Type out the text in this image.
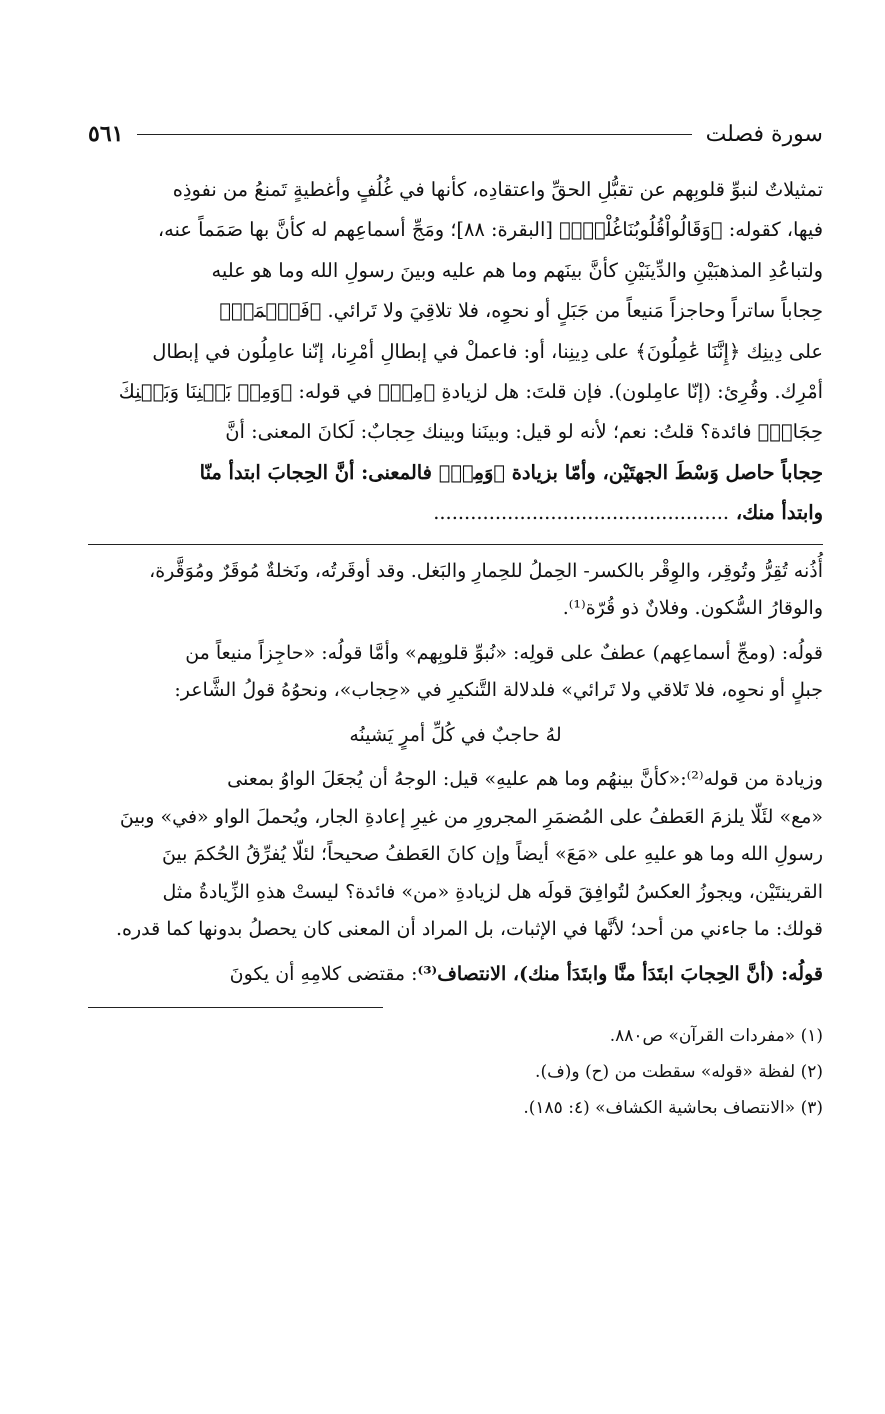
سورة فصلت
٥٦١

تمثيلاتٌ لنبوِّ قلوبِهم عن تقبُّلِ الحقِّ واعتقادِه، كأنها في غُلُفٍ وأغطيةٍ تَمنعُ من نفوذِه

فيها، كقوله: ﴿وَقَالُواْقُلُوبُنَاغُلْفُۢ﴾ [البقرة: ٨٨]؛ ومَجِّ أسماعِهم له كأنَّ بها صَمَماً عنه،

ولتباعُدِ المذهبَيْنِ والدِّينَيْنِ كأنَّ بينَهم وما هم عليه وبينَ رسولِ الله وما هو عليه

حِجاباً ساتراً وحاجزاً مَنيعاً من جَبَلٍ أو نحوِه، فلا تلاقِيَ ولا تَرائي. ﴿فَٱعۡمَلۡ﴾

على دِينِك ﴿إِنَّنَا عَٰمِلُونَ﴾ على دِينِنا، أو: فاعملْ في إبطالِ أمْرِنا، إنّنا عامِلُون في إبطال

أمْرِك. وقُرِئ: (إنّا عامِلون). فإن قلتَ: هل لزيادةِ ﴿مِنۢ﴾ في قوله: ﴿وَمِنۢ بَيۡنِنَا وَبَيۡنِكَ

حِجَابٞ﴾ فائدة؟ قلتُ: نعم؛ لأنه لو قيل: وبينَنا وبينك حِجابٌ: لَكانَ المعنى: أنَّ

حِجاباً حاصل وَسْطَ الجهتَيْن، وأمّا بزيادة ﴿وَمِنۢ﴾ فالمعنى: أنَّ الحِجابَ ابتدأ منّا

وابتدأ منك، ................................................

أُذُنه تُقِرُّ وتُوقِر، والوِقْر بالكسر- الحِملُ للحِمارِ والبَغل. وقد أوقَرتُه، ونَخلةٌ مُوقَرٌ ومُوَقَّرة،
والوقارُ السُّكون. وفلانٌ ذو قُرّة⁽¹⁾.

قولُه: (ومجِّ أسماعِهم) عطفٌ على قولِه: «نُبوِّ قلوبِهم» وأمَّا قولُه: «حاجِزاً منيعاً من
جبلٍ أو نحوِه، فلا تَلاقي ولا تَرائي» فلدلالة التَّنكيرِ في «حِجاب»، ونحوُهُ قولُ الشَّاعر:

لهُ حاجبٌ في كُلِّ أمرٍ يَشينُه

وزيادة من قوله⁽²⁾:«كأنَّ بينهُم وما هم عليهِ» قيل: الوجهُ أن يُجعَلَ الواوُ بمعنى
«مع» لئَلّا يلزمَ العَطفُ على المُضمَرِ المجرورِ من غيرِ إعادةِ الجار، ويُحملَ الواو «في» وبينَ
رسولِ الله وما هو عليهِ على «مَعَ» أيضاً وإن كانَ العَطفُ صحيحاً؛ لئلّا يُفرِّقُ الحُكمَ بينَ
القرينتَيْن، ويجوزُ العكسُ لتُوافِقَ قولَه هل لزيادةِ «من» فائدة؟ ليستْ هذهِ الزِّيادةُ مثل
قولك: ما جاءني من أحد؛ لأنَّها في الإثبات، بل المراد أن المعنى كان يحصلُ بدونها كما قدره.

قولُه: (أنَّ الحِجابَ ابتَدَأ منَّا وابتَدَأ منك)، الانتصاف⁽³⁾: مقتضى كلامِهِ أن يكونَ

(١) «مفردات القرآن» ص٨٨٠.
(٢) لفظة «قوله» سقطت من (ح) و(ف).
(٣) «الانتصاف بحاشية الكشاف» (٤: ١٨٥).
